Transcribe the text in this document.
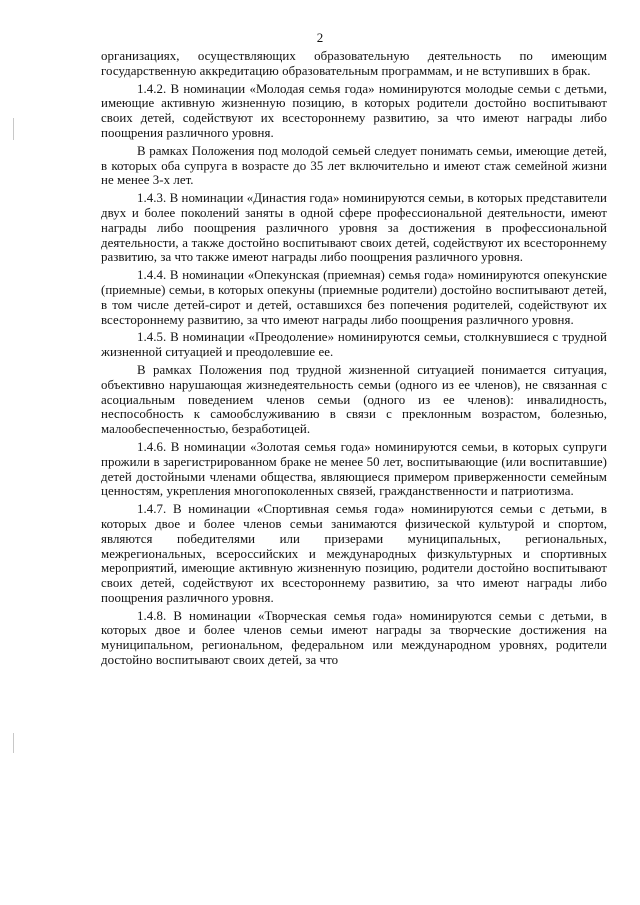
2

организациях, осуществляющих образовательную деятельность по имеющим государственную аккредитацию образовательным программам, и не вступивших в брак.

1.4.2. В номинации «Молодая семья года» номинируются молодые семьи с детьми, имеющие активную жизненную позицию, в которых родители достойно воспитывают своих детей, содействуют их всестороннему развитию, за что имеют награды либо поощрения различного уровня.

В рамках Положения под молодой семьей следует понимать семьи, имеющие детей, в которых оба супруга в возрасте до 35 лет включительно и имеют стаж семейной жизни не менее 3-х лет.

1.4.3. В номинации «Династия года» номинируются семьи, в которых представители двух и более поколений заняты в одной сфере профессиональной деятельности, имеют награды либо поощрения различного уровня за достижения в профессиональной деятельности, а также достойно воспитывают своих детей, содействуют их всестороннему развитию, за что также имеют награды либо поощрения различного уровня.

1.4.4. В номинации «Опекунская (приемная) семья года» номинируются опекунские (приемные) семьи, в которых опекуны (приемные родители) достойно воспитывают детей, в том числе детей-сирот и детей, оставшихся без попечения родителей, содействуют их всестороннему развитию, за что имеют награды либо поощрения различного уровня.

1.4.5. В номинации «Преодоление» номинируются семьи, столкнувшиеся с трудной жизненной ситуацией и преодолевшие ее.

В рамках Положения под трудной жизненной ситуацией понимается ситуация, объективно нарушающая жизнедеятельность семьи (одного из ее членов), не связанная с асоциальным поведением членов семьи (одного из ее членов): инвалидность, неспособность к самообслуживанию в связи с преклонным возрастом, болезнью, малообеспеченностью, безработицей.

1.4.6. В номинации «Золотая семья года» номинируются семьи, в которых супруги прожили в зарегистрированном браке не менее 50 лет, воспитывающие (или воспитавшие) детей достойными членами общества, являющиеся примером приверженности семейным ценностям, укрепления многопоколенных связей, гражданственности и патриотизма.

1.4.7. В номинации «Спортивная семья года» номинируются семьи с детьми, в которых двое и более членов семьи занимаются физической культурой и спортом, являются победителями или призерами муниципальных, региональных, межрегиональных, всероссийских и международных физкультурных и спортивных мероприятий, имеющие активную жизненную позицию, родители достойно воспитывают своих детей, содействуют их всестороннему развитию, за что имеют награды либо поощрения различного уровня.

1.4.8. В номинации «Творческая семья года» номинируются семьи с детьми, в которых двое и более членов семьи имеют награды за творческие достижения на муниципальном, региональном, федеральном или международном уровнях, родители достойно воспитывают своих детей, за что
